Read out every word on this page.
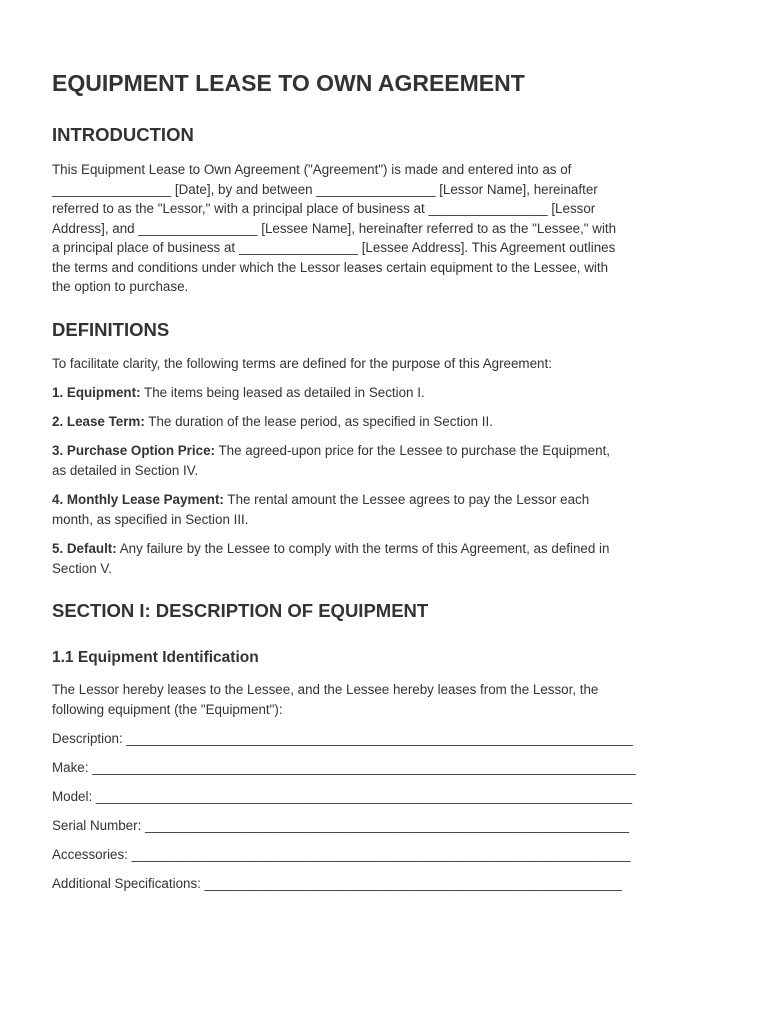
EQUIPMENT LEASE TO OWN AGREEMENT
INTRODUCTION
This Equipment Lease to Own Agreement ("Agreement") is made and entered into as of
________________ [Date], by and between ________________ [Lessor Name], hereinafter
referred to as the "Lessor," with a principal place of business at ________________ [Lessor
Address], and ________________ [Lessee Name], hereinafter referred to as the "Lessee," with
a principal place of business at ________________ [Lessee Address]. This Agreement outlines
the terms and conditions under which the Lessor leases certain equipment to the Lessee, with
the option to purchase.
DEFINITIONS

To facilitate clarity, the following terms are defined for the purpose of this Agreement:

1. Equipment: The items being leased as detailed in Section I.
2. Lease Term: The duration of the lease period, as specified in Section II.
3. Purchase Option Price: The agreed-upon price for the Lessee to purchase the Equipment,
as detailed in Section IV.
4. Monthly Lease Payment: The rental amount the Lessee agrees to pay the Lessor each
month, as specified in Section III.
5. Default: Any failure by the Lessee to comply with the terms of this Agreement, as defined in
Section V.
SECTION I: DESCRIPTION OF EQUIPMENT
1.1 Equipment Identification
The Lessor hereby leases to the Lessee, and the Lessee hereby leases from the Lessor, the
following equipment (the "Equipment"):
Description: ____________________________________________________________________
Make: _________________________________________________________________________
Model: ________________________________________________________________________
Serial Number: _________________________________________________________________
Accessories: ___________________________________________________________________
Additional Specifications: ________________________________________________________
